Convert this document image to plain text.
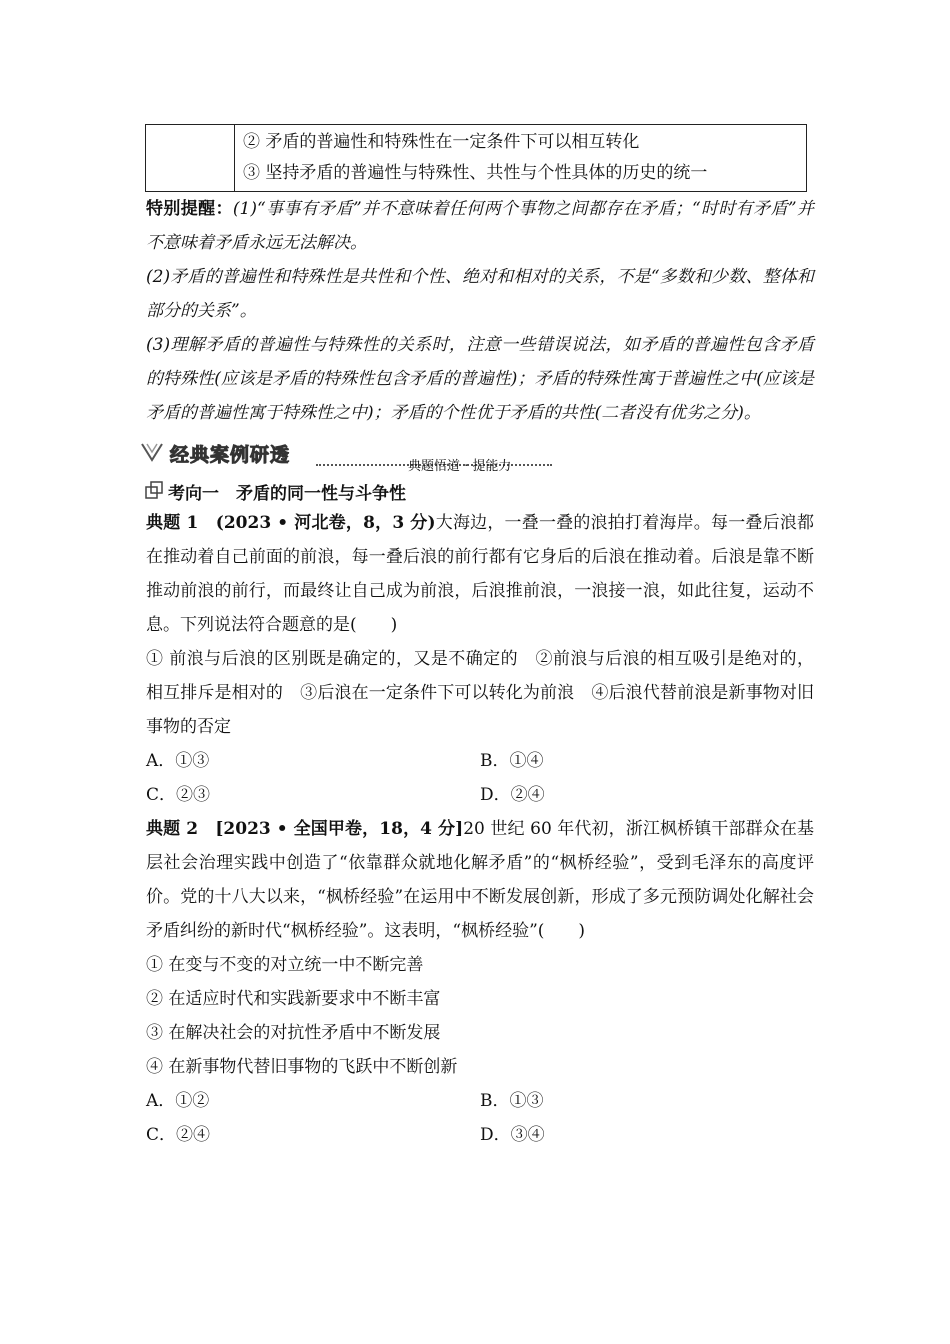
② 矛盾的普遍性和特殊性在一定条件下可以相互转化
③ 坚持矛盾的普遍性与特殊性、共性与个性具体的历史的统一

特别提醒：(1)“事事有矛盾”并不意味着任何两个事物之间都存在矛盾；“时时有矛盾”并不意味着矛盾永远无法解决。

(2)矛盾的普遍性和特殊性是共性和个性、绝对和相对的关系，不是“多数和少数、整体和部分的关系”。

(3)理解矛盾的普遍性与特殊性的关系时，注意一些错误说法，如矛盾的普遍性包含矛盾的特殊性(应该是矛盾的特殊性包含矛盾的普遍性)；矛盾的特殊性寓于普遍性之中(应该是矛盾的普遍性寓于特殊性之中)；矛盾的个性优于矛盾的共性(二者没有优劣之分)。

经典案例研透
典题悟道 · 提能力
考向一　矛盾的同一性与斗争性

典题 1　 (2023 • 河北卷，8，3 分)大海边，一叠一叠的浪拍打着海岸。每一叠后浪都在推动着自己前面的前浪，每一叠后浪的前行都有它身后的后浪在推动着。后浪是靠不断推动前浪的前行，而最终让自己成为前浪，后浪推前浪，一浪接一浪，如此往复，运动不息。下列说法符合题意的是(　　)

① 前浪与后浪的区别既是确定的，又是不确定的　②前浪与后浪的相互吸引是绝对的，相互排斥是相对的　③后浪在一定条件下可以转化为前浪　④后浪代替前浪是新事物对旧事物的否定

A．①③	B．①④
C．②③	D．②④

典题 2　 [2023 • 全国甲卷，18，4 分]20 世纪 60 年代初，浙江枫桥镇干部群众在基层社会治理实践中创造了“依靠群众就地化解矛盾”的“枫桥经验”，受到毛泽东的高度评价。党的十八大以来，“枫桥经验”在运用中不断发展创新，形成了多元预防调处化解社会矛盾纠纷的新时代“枫桥经验”。这表明，“枫桥经验”(　　)

① 在变与不变的对立统一中不断完善
② 在适应时代和实践新要求中不断丰富
③ 在解决社会的对抗性矛盾中不断发展
④ 在新事物代替旧事物的飞跃中不断创新
A．①②	B．①③
C．②④	D．③④
